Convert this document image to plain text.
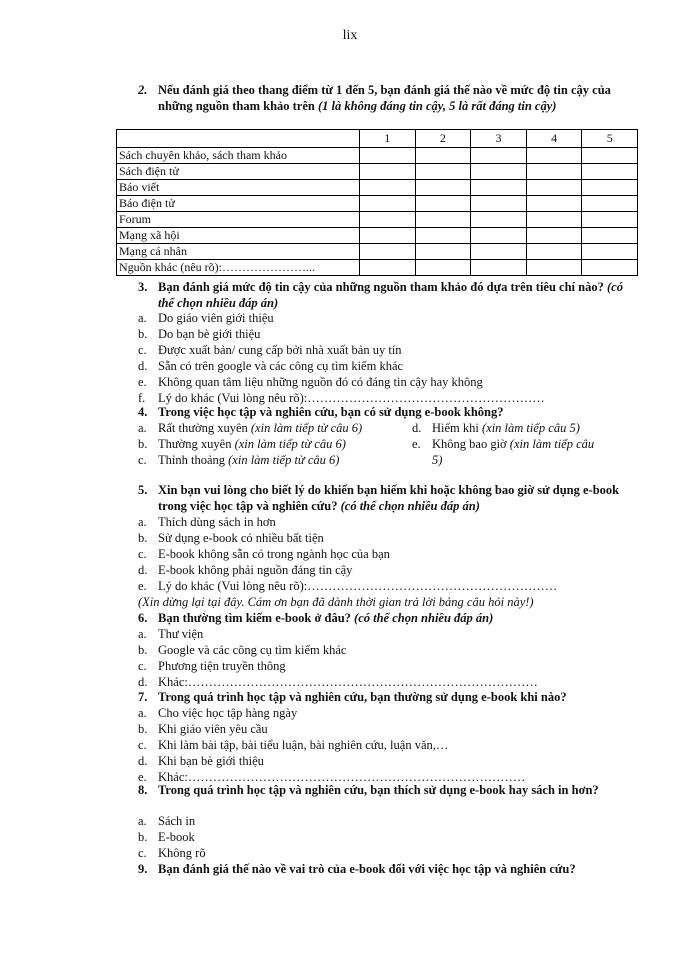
lix
2. Nếu đánh giá theo thang điểm từ 1 đến 5, bạn đánh giá thế nào về mức độ tin cậy của những nguồn tham khảo trên (1 là không đáng tin cậy, 5 là rất đáng tin cậy)
	1	2	3	4	5
Sách chuyên khảo, sách tham khảo					
Sách điện tử					
Báo viết					
Báo điện tử					
Forum					
Mạng xã hội					
Mạng cá nhân					
Nguồn khác (nêu rõ):…………………...					
3. Bạn đánh giá mức độ tin cậy của những nguồn tham khảo đó dựa trên tiêu chí nào? (có thể chọn nhiều đáp án)
a. Do giáo viên giới thiệu
b. Do bạn bè giới thiệu
c. Được xuất bản/ cung cấp bởi nhà xuất bản uy tín
d. Sẵn có trên google và các công cụ tìm kiếm khác
e. Không quan tâm liệu những nguồn đó có đáng tin cậy hay không
f. Lý do khác (Vui lòng nêu rõ):…………………………………………………
4. Trong việc học tập và nghiên cứu, bạn có sử dụng e-book không?
a. Rất thường xuyên (xin làm tiếp từ câu 6)	d. Hiếm khi (xin làm tiếp câu 5)
b. Thường xuyên (xin làm tiếp từ câu 6)	e. Không bao giờ (xin làm tiếp câu
c. Thỉnh thoảng (xin làm tiếp từ câu 6)	5)
5. Xin bạn vui lòng cho biết lý do khiến bạn hiếm khi hoặc không bao giờ sử dụng e-book trong việc học tập và nghiên cứu? (có thể chọn nhiều đáp án)
a. Thích dùng sách in hơn
b. Sử dụng e-book có nhiều bất tiện
c. E-book không sẵn có trong ngành học của bạn
d. E-book không phải nguồn đáng tin cậy
e. Lý do khác (Vui lòng nêu rõ):……………………………………………………
(Xin dừng lại tại đây. Cám ơn bạn đã dành thời gian trả lời bảng câu hỏi này!)
6. Bạn thường tìm kiếm e-book ở đâu? (có thể chọn nhiều đáp án)
a. Thư viện
b. Google và các công cụ tìm kiếm khác
c. Phương tiện truyền thông
d. Khác:…………………………………………………………………………
7. Trong quá trình học tập và nghiên cứu, bạn thường sử dụng e-book khi nào?
a. Cho việc học tập hàng ngày
b. Khi giáo viên yêu cầu
c. Khi làm bài tập, bài tiểu luận, bài nghiên cứu, luận văn,…
d. Khi bạn bè giới thiệu
e. Khác:………………………………………………………………………
8. Trong quá trình học tập và nghiên cứu, bạn thích sử dụng e-book hay sách in hơn?
a. Sách in
b. E-book
c. Không rõ
9. Bạn đánh giá thế nào về vai trò của e-book đối với việc học tập và nghiên cứu?
